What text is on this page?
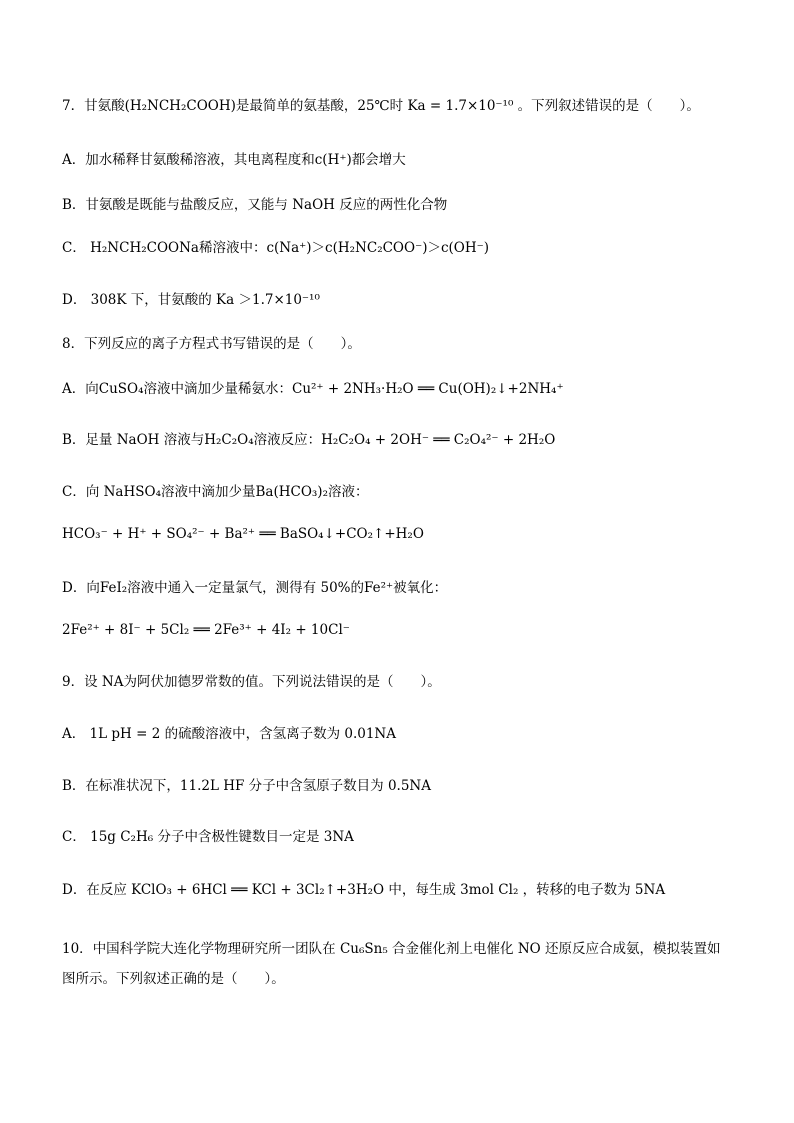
7．甘氨酸(H₂NCH₂COOH)是最简单的氨基酸，25℃时 Ka = 1.7×10⁻¹⁰ 。下列叙述错误的是（　　）。
A．加水稀释甘氨酸稀溶液，其电离程度和c(H⁺)都会增大
B．甘氨酸是既能与盐酸反应，又能与 NaOH 反应的两性化合物
C． H₂NCH₂COONa稀溶液中：c(Na⁺)＞c(H₂NC₂COO⁻)＞c(OH⁻)
D． 308K 下，甘氨酸的 Ka ＞1.7×10⁻¹⁰
8．下列反应的离子方程式书写错误的是（　　）。
A．向CuSO₄溶液中滴加少量稀氨水：Cu²⁺ + 2NH₃·H₂O ══ Cu(OH)₂↓+2NH₄⁺
B．足量 NaOH 溶液与H₂C₂O₄溶液反应：H₂C₂O₄ + 2OH⁻ ══ C₂O₄²⁻ + 2H₂O
C．向 NaHSO₄溶液中滴加少量Ba(HCO₃)₂溶液：
HCO₃⁻ + H⁺ + SO₄²⁻ + Ba²⁺ ══ BaSO₄↓+CO₂↑+H₂O
D．向FeI₂溶液中通入一定量氯气，测得有 50%的Fe²⁺被氧化：
2Fe²⁺ + 8I⁻ + 5Cl₂ ══ 2Fe³⁺ + 4I₂ + 10Cl⁻
9．设 NA为阿伏加德罗常数的值。下列说法错误的是（　　）。
A． 1L pH = 2 的硫酸溶液中，含氢离子数为 0.01NA
B．在标准状况下，11.2L HF 分子中含氢原子数目为 0.5NA
C． 15g C₂H₆ 分子中含极性键数目一定是 3NA
D．在反应 KClO₃ + 6HCl ══ KCl + 3Cl₂↑+3H₂O 中，每生成 3mol Cl₂ ，转移的电子数为 5NA
10．中国科学院大连化学物理研究所一团队在 Cu₆Sn₅ 合金催化剂上电催化 NO 还原反应合成氨，模拟装置如图所示。下列叙述正确的是（　　）。
